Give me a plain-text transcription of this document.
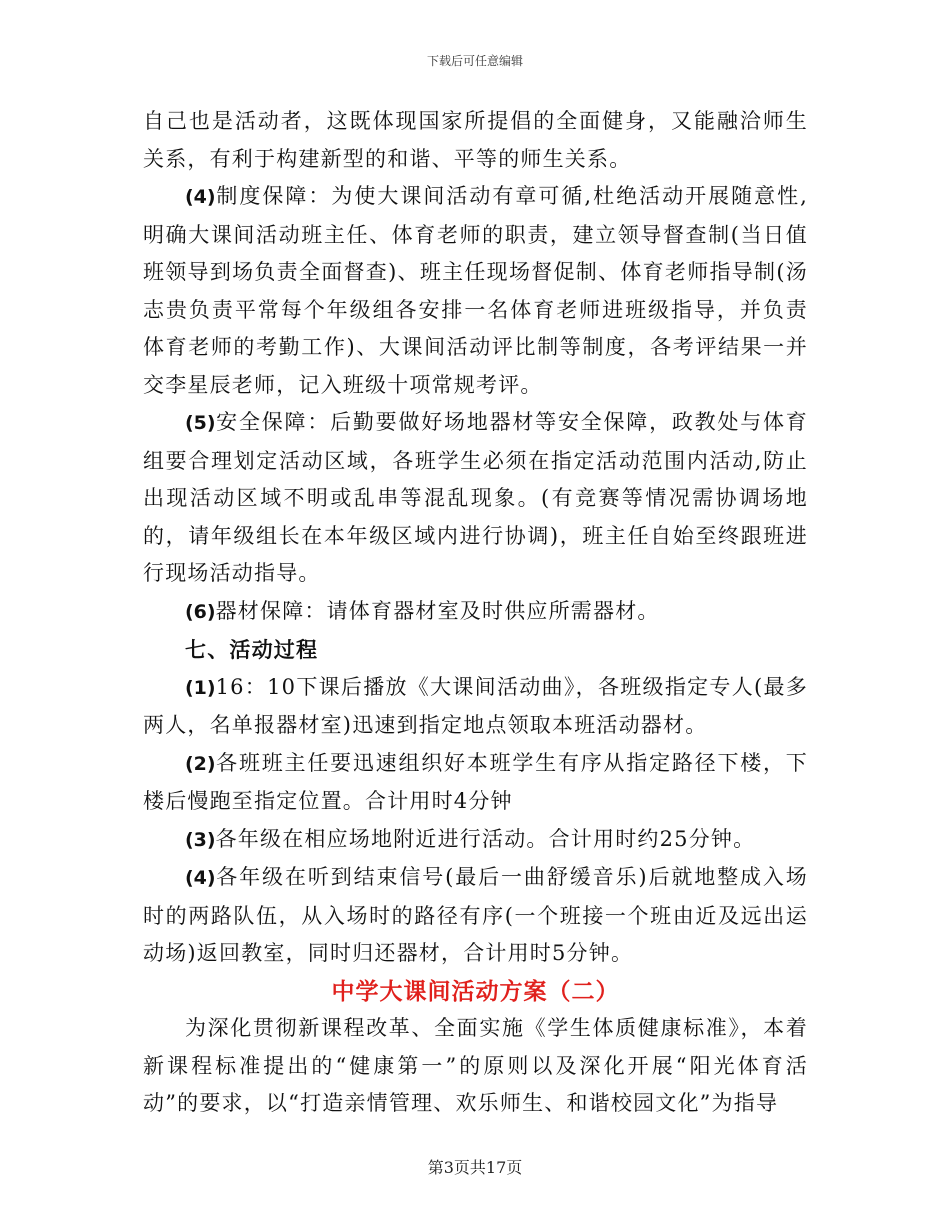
下载后可任意编辑

自己也是活动者，这既体现国家所提倡的全面健身，又能融洽师生关系，有利于构建新型的和谐、平等的师生关系。

(4)制度保障：为使大课间活动有章可循,杜绝活动开展随意性,明确大课间活动班主任、体育老师的职责，建立领导督查制(当日值班领导到场负责全面督查)、班主任现场督促制、体育老师指导制(汤志贵负责平常每个年级组各安排一名体育老师进班级指导，并负责体育老师的考勤工作)、大课间活动评比制等制度，各考评结果一并交李星辰老师，记入班级十项常规考评。

(5)安全保障：后勤要做好场地器材等安全保障，政教处与体育组要合理划定活动区域，各班学生必须在指定活动范围内活动,防止出现活动区域不明或乱串等混乱现象。(有竞赛等情况需协调场地的，请年级组长在本年级区域内进行协调)，班主任自始至终跟班进行现场活动指导。

(6)器材保障：请体育器材室及时供应所需器材。

七、活动过程

(1)16：10下课后播放《大课间活动曲》，各班级指定专人(最多两人，名单报器材室)迅速到指定地点领取本班活动器材。

(2)各班班主任要迅速组织好本班学生有序从指定路径下楼，下楼后慢跑至指定位置。合计用时4分钟

(3)各年级在相应场地附近进行活动。合计用时约25分钟。

(4)各年级在听到结束信号(最后一曲舒缓音乐)后就地整成入场时的两路队伍，从入场时的路径有序(一个班接一个班由近及远出运动场)返回教室，同时归还器材，合计用时5分钟。

中学大课间活动方案（二）

为深化贯彻新课程改革、全面实施《学生体质健康标准》，本着新课程标准提出的“健康第一”的原则以及深化开展“阳光体育活动”的要求，以“打造亲情管理、欢乐师生、和谐校园文化”为指导

第3页共17页
